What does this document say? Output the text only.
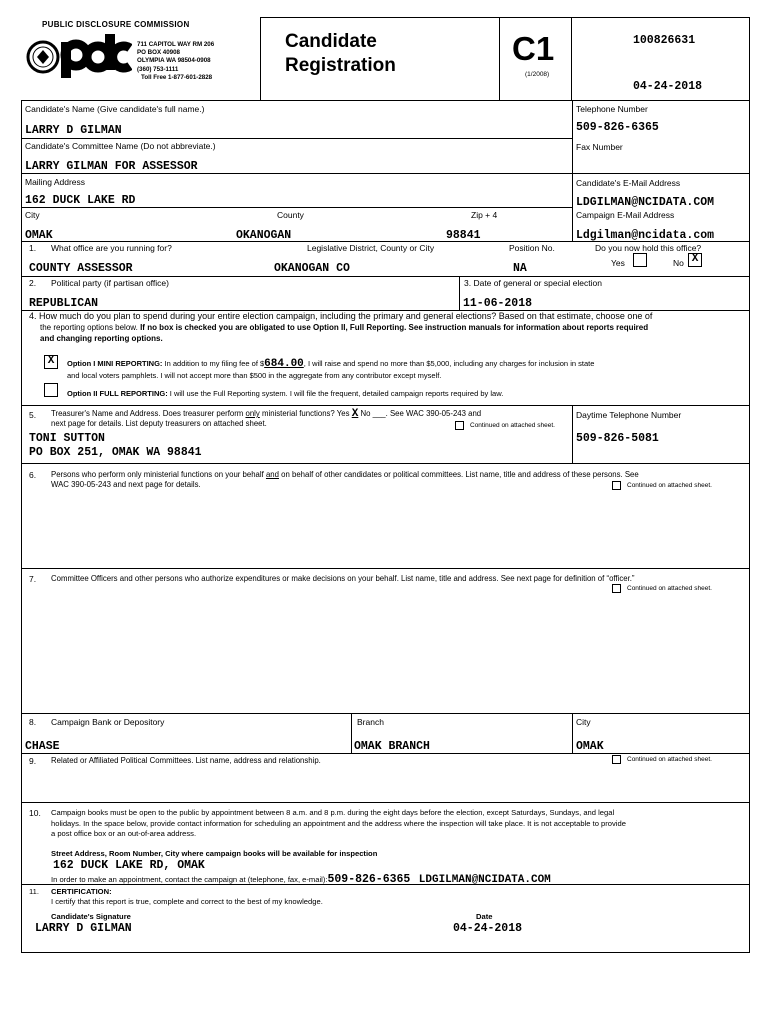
PUBLIC DISCLOSURE COMMISSION
711 CAPITOL WAY RM 206
PO BOX 40908
OLYMPIA WA 98504-0908
(360) 753-1111
Toll Free 1-877-601-2828
Candidate
Registration	C1
(1/2008)
100826631
04-24-2018
Candidate's Name (Give candidate's full name.)
LARRY D GILMAN
Telephone Number
509-826-6365
Candidate's Committee Name (Do not abbreviate.)
LARRY GILMAN FOR ASSESSOR
Fax Number
Mailing Address
162 DUCK LAKE RD
Candidate's E-Mail Address
LDGILMAN@NCIDATA.COM
City	County	Zip + 4	Campaign E-Mail Address
OMAK	OKANOGAN	98841	Ldgilman@ncidata.com
1. What office are you running for?	Legislative District, County or City	Position No.	Do you now hold this office?
Yes	No X
COUNTY ASSESSOR	OKANOGAN CO	NA
2. Political party (if partisan office)	3. Date of general or special election
REPUBLICAN	11-06-2018
4. How much do you plan to spend during your entire election campaign, including the primary and general elections? Based on that estimate, choose one of
the reporting options below. If no box is checked you are obligated to use Option II, Full Reporting. See instruction manuals for information about reports required
and changing reporting options.
X	Option I MINI REPORTING: In addition to my filing fee of $684.00, I will raise and spend no more than $5,000, including any charges for inclusion in state
and local voters pamphlets. I will not accept more than $500 in the aggregate from any contributor except myself.
Option II FULL REPORTING: I will use the Full Reporting system. I will file the frequent, detailed campaign reports required by law.
5. Treasurer's Name and Address. Does treasurer perform only ministerial functions? Yes X No ___. See WAC 390-05-243 and
next page for details. List deputy treasurers on attached sheet.	Continued on attached sheet.
TONI SUTTON
PO BOX 251, OMAK WA 98841
Daytime Telephone Number
509-826-5081
6. Persons who perform only ministerial functions on your behalf and on behalf of other candidates or political committees. List name, title and address of these persons. See
WAC 390-05-243 and next page for details.	Continued on attached sheet.
7. Committee Officers and other persons who authorize expenditures or make decisions on your behalf. List name, title and address. See next page for definition of “officer.”
Continued on attached sheet.
8. Campaign Bank or Depository	Branch	City
CHASE	OMAK BRANCH	OMAK
9. Related or Affiliated Political Committees. List name, address and relationship.	Continued on attached sheet.
10. Campaign books must be open to the public by appointment between 8 a.m. and 8 p.m. during the eight days before the election, except Saturdays, Sundays, and legal
holidays. In the space below, provide contact information for scheduling an appointment and the address where the inspection will take place. It is not acceptable to provide
a post office box or an out-of-area address.
Street Address, Room Number, City where campaign books will be available for inspection
162 DUCK LAKE RD, OMAK
In order to make an appointment, contact the campaign at (telephone, fax, e-mail):509-826-6365 LDGILMAN@NCIDATA.COM
11. CERTIFICATION:
I certify that this report is true, complete and correct to the best of my knowledge.
Candidate's Signature
LARRY D GILMAN
Date
04-24-2018
